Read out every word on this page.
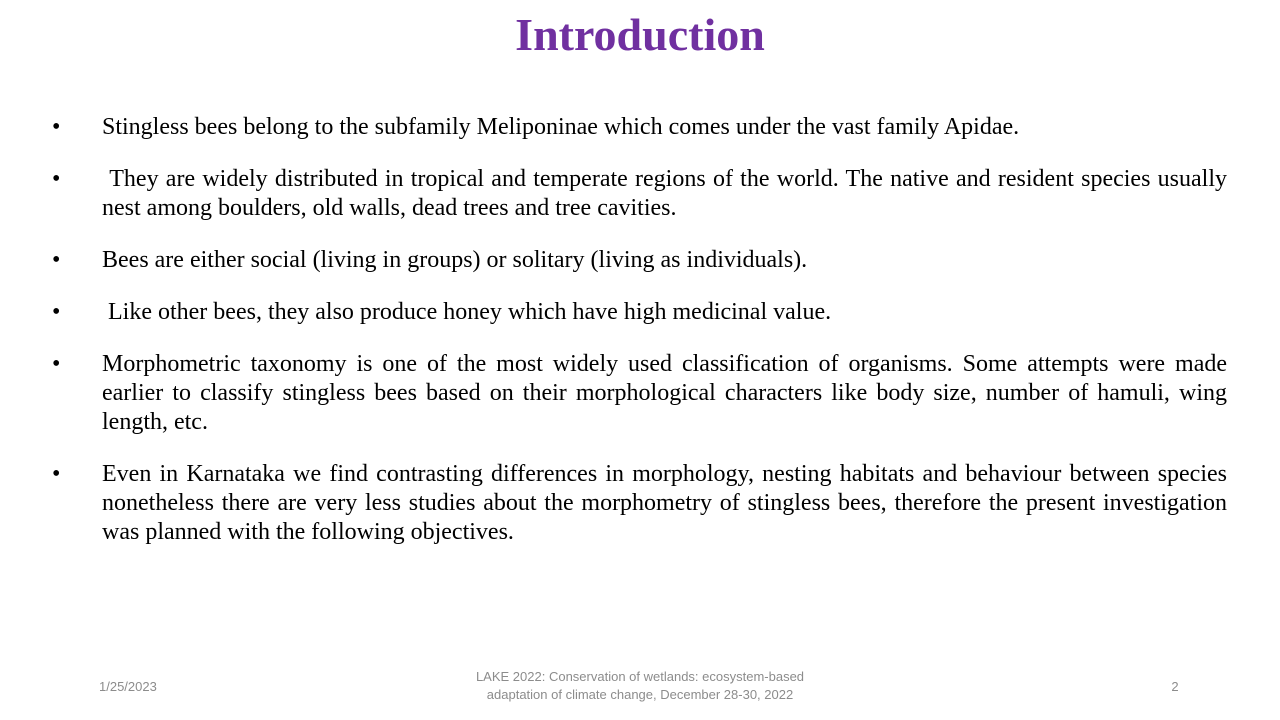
Introduction
•	Stingless bees belong to the subfamily Meliponinae which comes under the vast family Apidae.
•	They are widely distributed in tropical and temperate regions of the world. The native and resident species usually nest among boulders, old walls, dead trees and tree cavities.
•	Bees are either social (living in groups) or solitary (living as individuals).
•	Like other bees, they also produce honey which have high medicinal value.
•	Morphometric taxonomy is one of the most widely used classification of organisms. Some attempts were made earlier to classify stingless bees based on their morphological characters like body size, number of hamuli, wing length, etc.
•	Even in Karnataka we find contrasting differences in morphology, nesting habitats and behaviour between species nonetheless there are very less studies about the morphometry of stingless bees, therefore the present investigation was planned with the following objectives.
1/25/2023
LAKE 2022: Conservation of wetlands: ecosystem-based
adaptation of climate change, December 28-30, 2022
2
